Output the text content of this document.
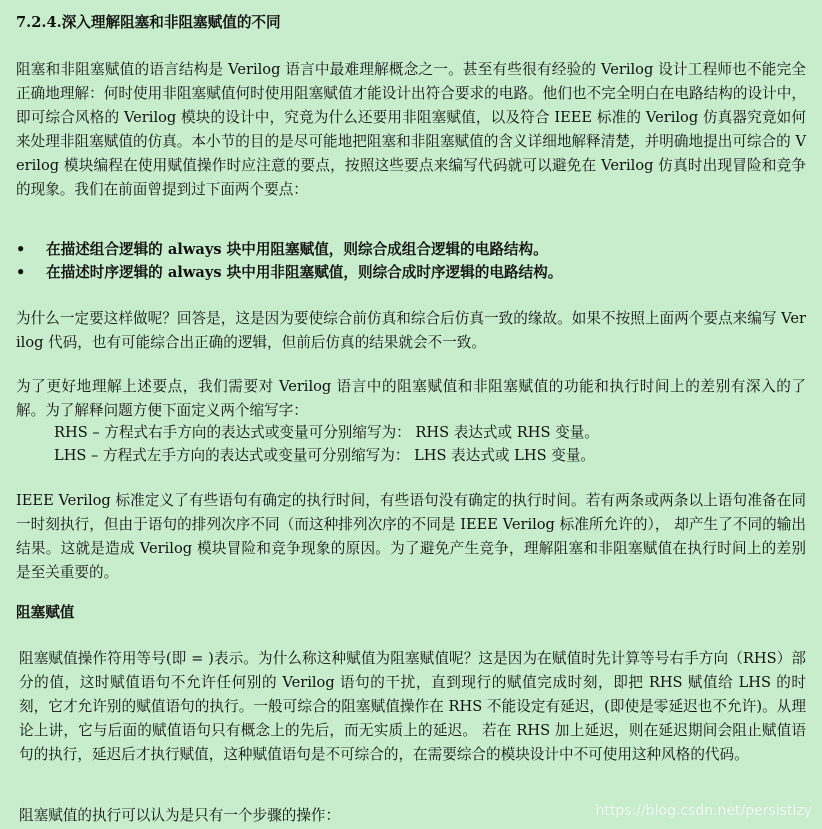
7.2.4.深入理解阻塞和非阻塞赋值的不同
阻塞和非阻塞赋值的语言结构是 Verilog 语言中最难理解概念之一。甚至有些很有经验的 Verilog 设计工程师也不能完全正确地理解：何时使用非阻塞赋值何时使用阻塞赋值才能设计出符合要求的电路。他们也不完全明白在电路结构的设计中，即可综合风格的 Verilog 模块的设计中，究竟为什么还要用非阻塞赋值，以及符合 IEEE 标准的 Verilog 仿真器究竟如何来处理非阻塞赋值的仿真。本小节的目的是尽可能地把阻塞和非阻塞赋值的含义详细地解释清楚，并明确地提出可综合的 Verilog 模块编程在使用赋值操作时应注意的要点，按照这些要点来编写代码就可以避免在 Verilog 仿真时出现冒险和竞争的现象。我们在前面曾提到过下面两个要点：
• 在描述组合逻辑的 always 块中用阻塞赋值，则综合成组合逻辑的电路结构。
• 在描述时序逻辑的 always 块中用非阻塞赋值，则综合成时序逻辑的电路结构。
为什么一定要这样做呢？回答是，这是因为要使综合前仿真和综合后仿真一致的缘故。如果不按照上面两个要点来编写 Verilog 代码，也有可能综合出正确的逻辑，但前后仿真的结果就会不一致。
为了更好地理解上述要点，我们需要对 Verilog 语言中的阻塞赋值和非阻塞赋值的功能和执行时间上的差别有深入的了解。为了解释问题方便下面定义两个缩写字：
RHS – 方程式右手方向的表达式或变量可分别缩写为： RHS 表达式或 RHS 变量。
LHS – 方程式左手方向的表达式或变量可分别缩写为： LHS 表达式或 LHS 变量。
IEEE Verilog 标准定义了有些语句有确定的执行时间，有些语句没有确定的执行时间。若有两条或两条以上语句准备在同一时刻执行，但由于语句的排列次序不同（而这种排列次序的不同是 IEEE Verilog 标准所允许的）， 却产生了不同的输出结果。这就是造成 Verilog 模块冒险和竞争现象的原因。为了避免产生竞争，理解阻塞和非阻塞赋值在执行时间上的差别是至关重要的。
阻塞赋值
阻塞赋值操作符用等号(即 = )表示。为什么称这种赋值为阻塞赋值呢？这是因为在赋值时先计算等号右手方向（RHS）部分的值，这时赋值语句不允许任何别的 Verilog 语句的干扰，直到现行的赋值完成时刻，即把 RHS 赋值给 LHS 的时刻，它才允许别的赋值语句的执行。一般可综合的阻塞赋值操作在 RHS 不能设定有延迟，(即使是零延迟也不允许)。从理论上讲，它与后面的赋值语句只有概念上的先后，而无实质上的延迟。 若在 RHS 加上延迟，则在延迟期间会阻止赋值语句的执行，延迟后才执行赋值，这种赋值语句是不可综合的，在需要综合的模块设计中不可使用这种风格的代码。
阻塞赋值的执行可以认为是只有一个步骤的操作：	https://blog.csdn.net/persistlzy
